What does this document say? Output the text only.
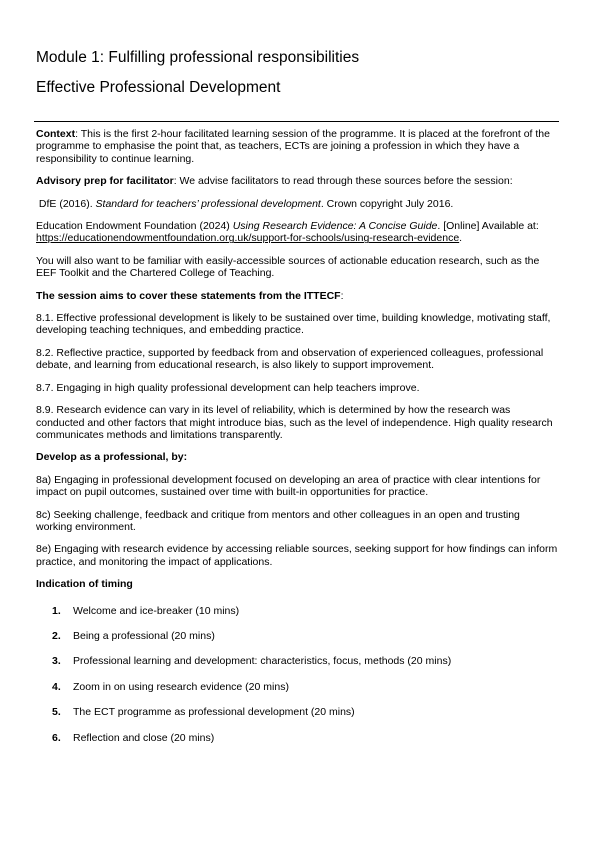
Module 1: Fulfilling professional responsibilities
Effective Professional Development

Context: This is the first 2-hour facilitated learning session of the programme. It is placed at the forefront of the programme to emphasise the point that, as teachers, ECTs are joining a profession in which they have a responsibility to continue learning.

Advisory prep for facilitator: We advise facilitators to read through these sources before the session:

DfE (2016). Standard for teachers’ professional development. Crown copyright July 2016.

Education Endowment Foundation (2024) Using Research Evidence: A Concise Guide. [Online] Available at: https://educationendowmentfoundation.org.uk/support-for-schools/using-research-evidence.

You will also want to be familiar with easily-accessible sources of actionable education research, such as the EEF Toolkit and the Chartered College of Teaching.

The session aims to cover these statements from the ITTECF:

8.1. Effective professional development is likely to be sustained over time, building knowledge, motivating staff, developing teaching techniques, and embedding practice.

8.2. Reflective practice, supported by feedback from and observation of experienced colleagues, professional debate, and learning from educational research, is also likely to support improvement.

8.7. Engaging in high quality professional development can help teachers improve.

8.9. Research evidence can vary in its level of reliability, which is determined by how the research was conducted and other factors that might introduce bias, such as the level of independence. High quality research communicates methods and limitations transparently.

Develop as a professional, by:

8a) Engaging in professional development focused on developing an area of practice with clear intentions for impact on pupil outcomes, sustained over time with built-in opportunities for practice.

8c) Seeking challenge, feedback and critique from mentors and other colleagues in an open and trusting working environment.

8e) Engaging with research evidence by accessing reliable sources, seeking support for how findings can inform practice, and monitoring the impact of applications.

Indication of timing

1. Welcome and ice-breaker (10 mins)
2. Being a professional (20 mins)
3. Professional learning and development: characteristics, focus, methods (20 mins)
4. Zoom in on using research evidence (20 mins)
5. The ECT programme as professional development (20 mins)
6. Reflection and close (20 mins)
